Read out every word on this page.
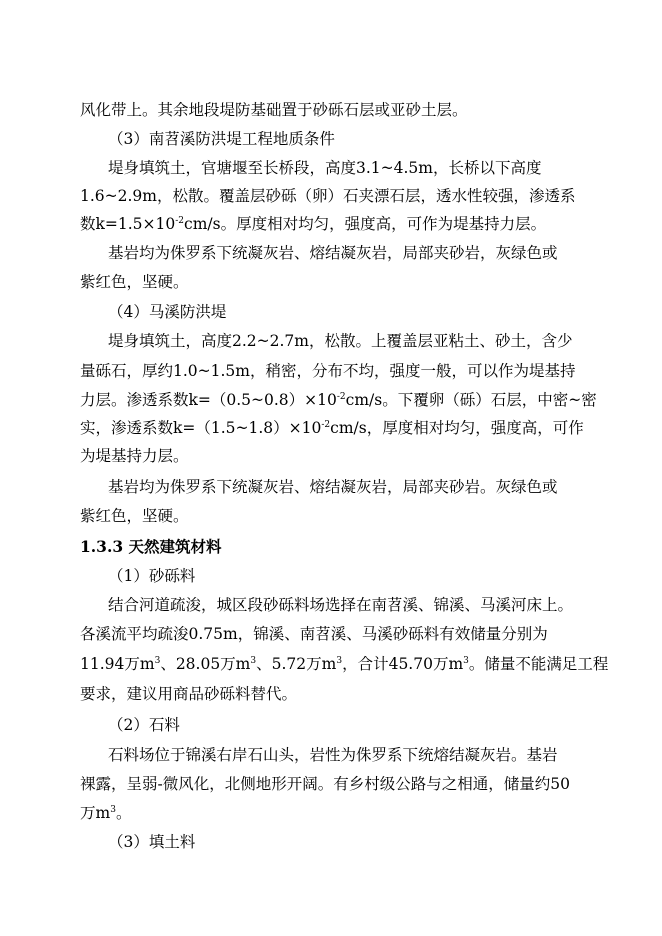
风化带上。其余地段堤防基础置于砂砾石层或亚砂土层。
（3）南苕溪防洪堤工程地质条件
堤身填筑土，官塘堰至长桥段，高度3.1~4.5m，长桥以下高度
1.6~2.9m，松散。覆盖层砂砾（卵）石夹漂石层，透水性较强，渗透系
数$k=1.5\times 10^{-2}cm/s$。厚度相对均匀，强度高，可作为堤基持力层。
基岩均为侏罗系下统凝灰岩、熔结凝灰岩，局部夹砂岩，灰绿色或
紫红色，坚硬。
（4）马溪防洪堤
堤身填筑土，高度2.2~2.7m，松散。上覆盖层亚粘土、砂土，含少
量砾石，厚约1.0~1.5m，稍密，分布不均，强度一般，可以作为堤基持
力层。渗透系数$k=(0.5\sim 0.8)\times 10^{-2}cm/s$。下覆卵（砾）石层，中密~密
实，渗透系数$k=(1.5\sim 1.8)\times 10^{-2}cm/s$，厚度相对均匀，强度高，可作
为堤基持力层。
基岩均为侏罗系下统凝灰岩、熔结凝灰岩，局部夹砂岩。灰绿色或
紫红色，坚硬。
1.3.3 天然建筑材料
（1）砂砾料
结合河道疏浚，城区段砂砾料场选择在南苕溪、锦溪、马溪河床上。
各溪流平均疏浚0.75m，锦溪、南苕溪、马溪砂砾料有效储量分别为
11.94万$m^3$、28.05万$m^3$、5.72万$m^3$，合计45.70万$m^3$。储量不能满足工程
要求，建议用商品砂砾料替代。
（2）石料
石料场位于锦溪右岸石山头，岩性为侏罗系下统熔结凝灰岩。基岩
裸露，呈弱-微风化，北侧地形开阔。有乡村级公路与之相通，储量约50
万$m^3$。
（3）填土料
